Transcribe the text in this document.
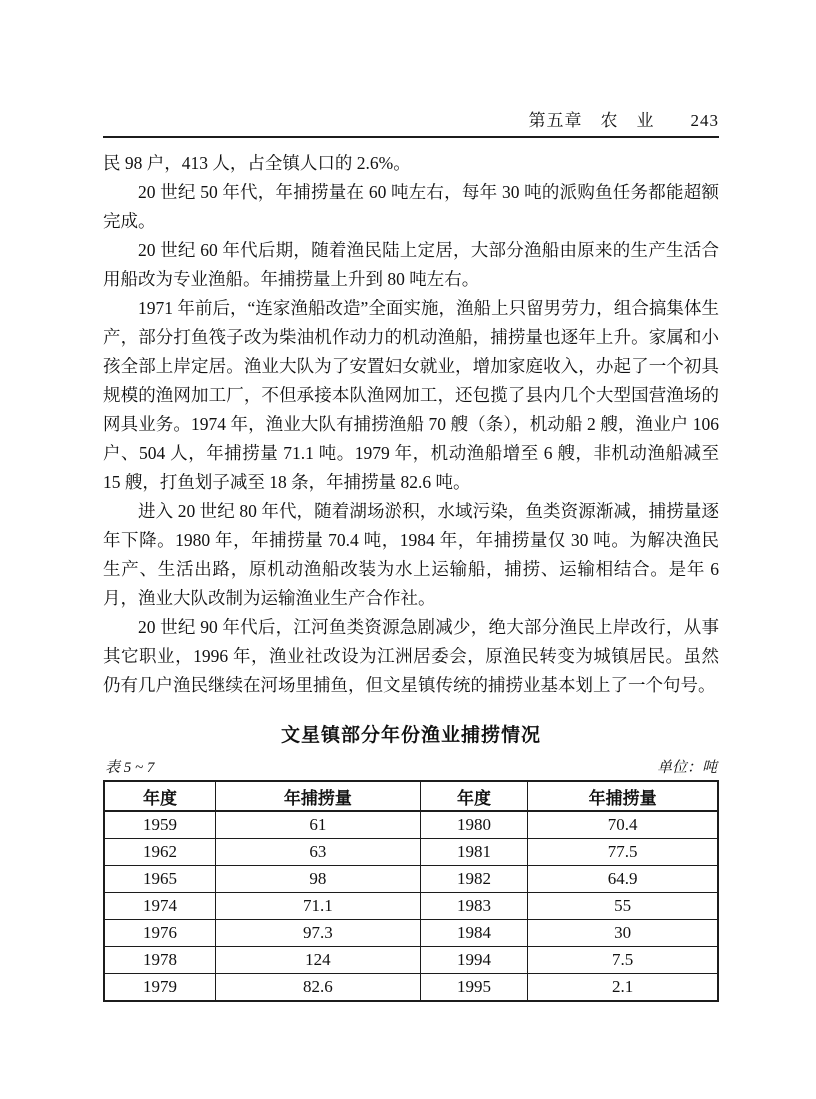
第五章　农　业　　243

民 98 户，413 人，占全镇人口的 2.6%。

20 世纪 50 年代，年捕捞量在 60 吨左右，每年 30 吨的派购鱼任务都能超额完成。

20 世纪 60 年代后期，随着渔民陆上定居，大部分渔船由原来的生产生活合用船改为专业渔船。年捕捞量上升到 80 吨左右。

1971 年前后，“连家渔船改造”全面实施，渔船上只留男劳力，组合搞集体生产，部分打鱼筏子改为柴油机作动力的机动渔船，捕捞量也逐年上升。家属和小孩全部上岸定居。渔业大队为了安置妇女就业，增加家庭收入，办起了一个初具规模的渔网加工厂，不但承接本队渔网加工，还包揽了县内几个大型国营渔场的网具业务。1974 年，渔业大队有捕捞渔船 70 艘（条），机动船 2 艘，渔业户 106 户、504 人，年捕捞量 71.1 吨。1979 年，机动渔船增至 6 艘，非机动渔船减至 15 艘，打鱼划子减至 18 条，年捕捞量 82.6 吨。

进入 20 世纪 80 年代，随着湖场淤积，水域污染，鱼类资源渐减，捕捞量逐年下降。1980 年，年捕捞量 70.4 吨，1984 年，年捕捞量仅 30 吨。为解决渔民生产、生活出路，原机动渔船改装为水上运输船，捕捞、运输相结合。是年 6 月，渔业大队改制为运输渔业生产合作社。

20 世纪 90 年代后，江河鱼类资源急剧减少，绝大部分渔民上岸改行，从事其它职业，1996 年，渔业社改设为江洲居委会，原渔民转变为城镇居民。虽然仍有几户渔民继续在河场里捕鱼，但文星镇传统的捕捞业基本划上了一个句号。

文星镇部分年份渔业捕捞情况
表 5 ~ 7	单位：吨
年度	年捕捞量	年度	年捕捞量
1959	61	1980	70.4
1962	63	1981	77.5
1965	98	1982	64.9
1974	71.1	1983	55
1976	97.3	1984	30
1978	124	1994	7.5
1979	82.6	1995	2.1
